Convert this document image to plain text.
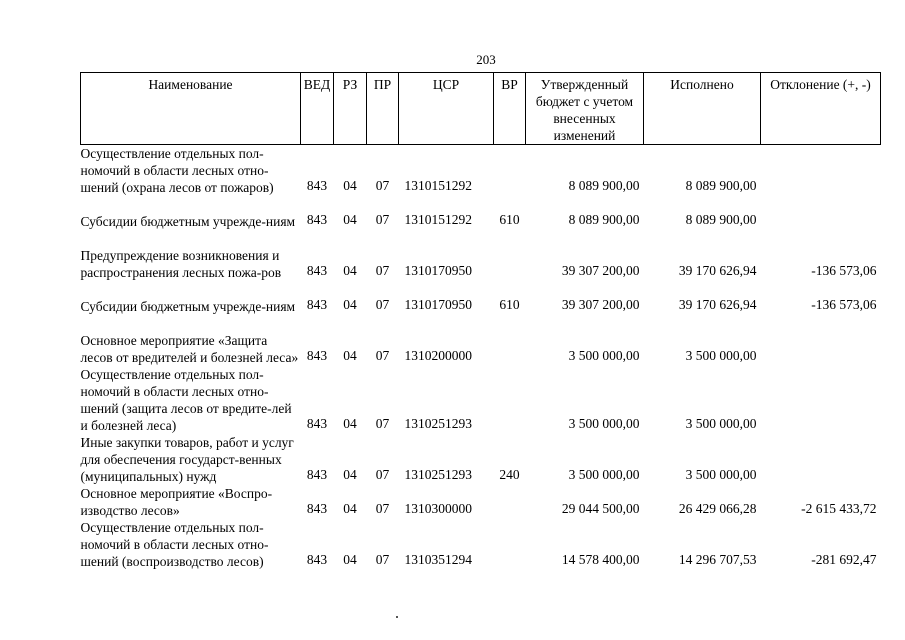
203
Наименование	ВЕД	РЗ	ПР	ЦСР	ВР	Утвержденный бюджет с учетом внесенных изменений	Исполнено	Отклонение (+, -)
Осуществление отдельных пол-номочий в области лесных отно-шений (охрана лесов от пожаров)	843	04	07	1310151292		8 089 900,00	8 089 900,00	
Субсидии бюджетным учрежде-ниям	843	04	07	1310151292	610	8 089 900,00	8 089 900,00	
Предупреждение возникновения и распространения лесных пожа-ров	843	04	07	1310170950		39 307 200,00	39 170 626,94	-136 573,06
Субсидии бюджетным учрежде-ниям	843	04	07	1310170950	610	39 307 200,00	39 170 626,94	-136 573,06
Основное мероприятие «Защита лесов от вредителей и болезней леса»	843	04	07	1310200000		3 500 000,00	3 500 000,00	
Осуществление отдельных пол-номочий в области лесных отно-шений (защита лесов от вредите-лей и болезней леса)	843	04	07	1310251293		3 500 000,00	3 500 000,00	
Иные закупки товаров, работ и услуг для обеспечения государст-венных (муниципальных) нужд	843	04	07	1310251293	240	3 500 000,00	3 500 000,00	
Основное мероприятие «Воспро-изводство лесов»	843	04	07	1310300000		29 044 500,00	26 429 066,28	-2 615 433,72
Осуществление отдельных пол-номочий в области лесных отно-шений (воспроизводство лесов)	843	04	07	1310351294		14 578 400,00	14 296 707,53	-281 692,47
